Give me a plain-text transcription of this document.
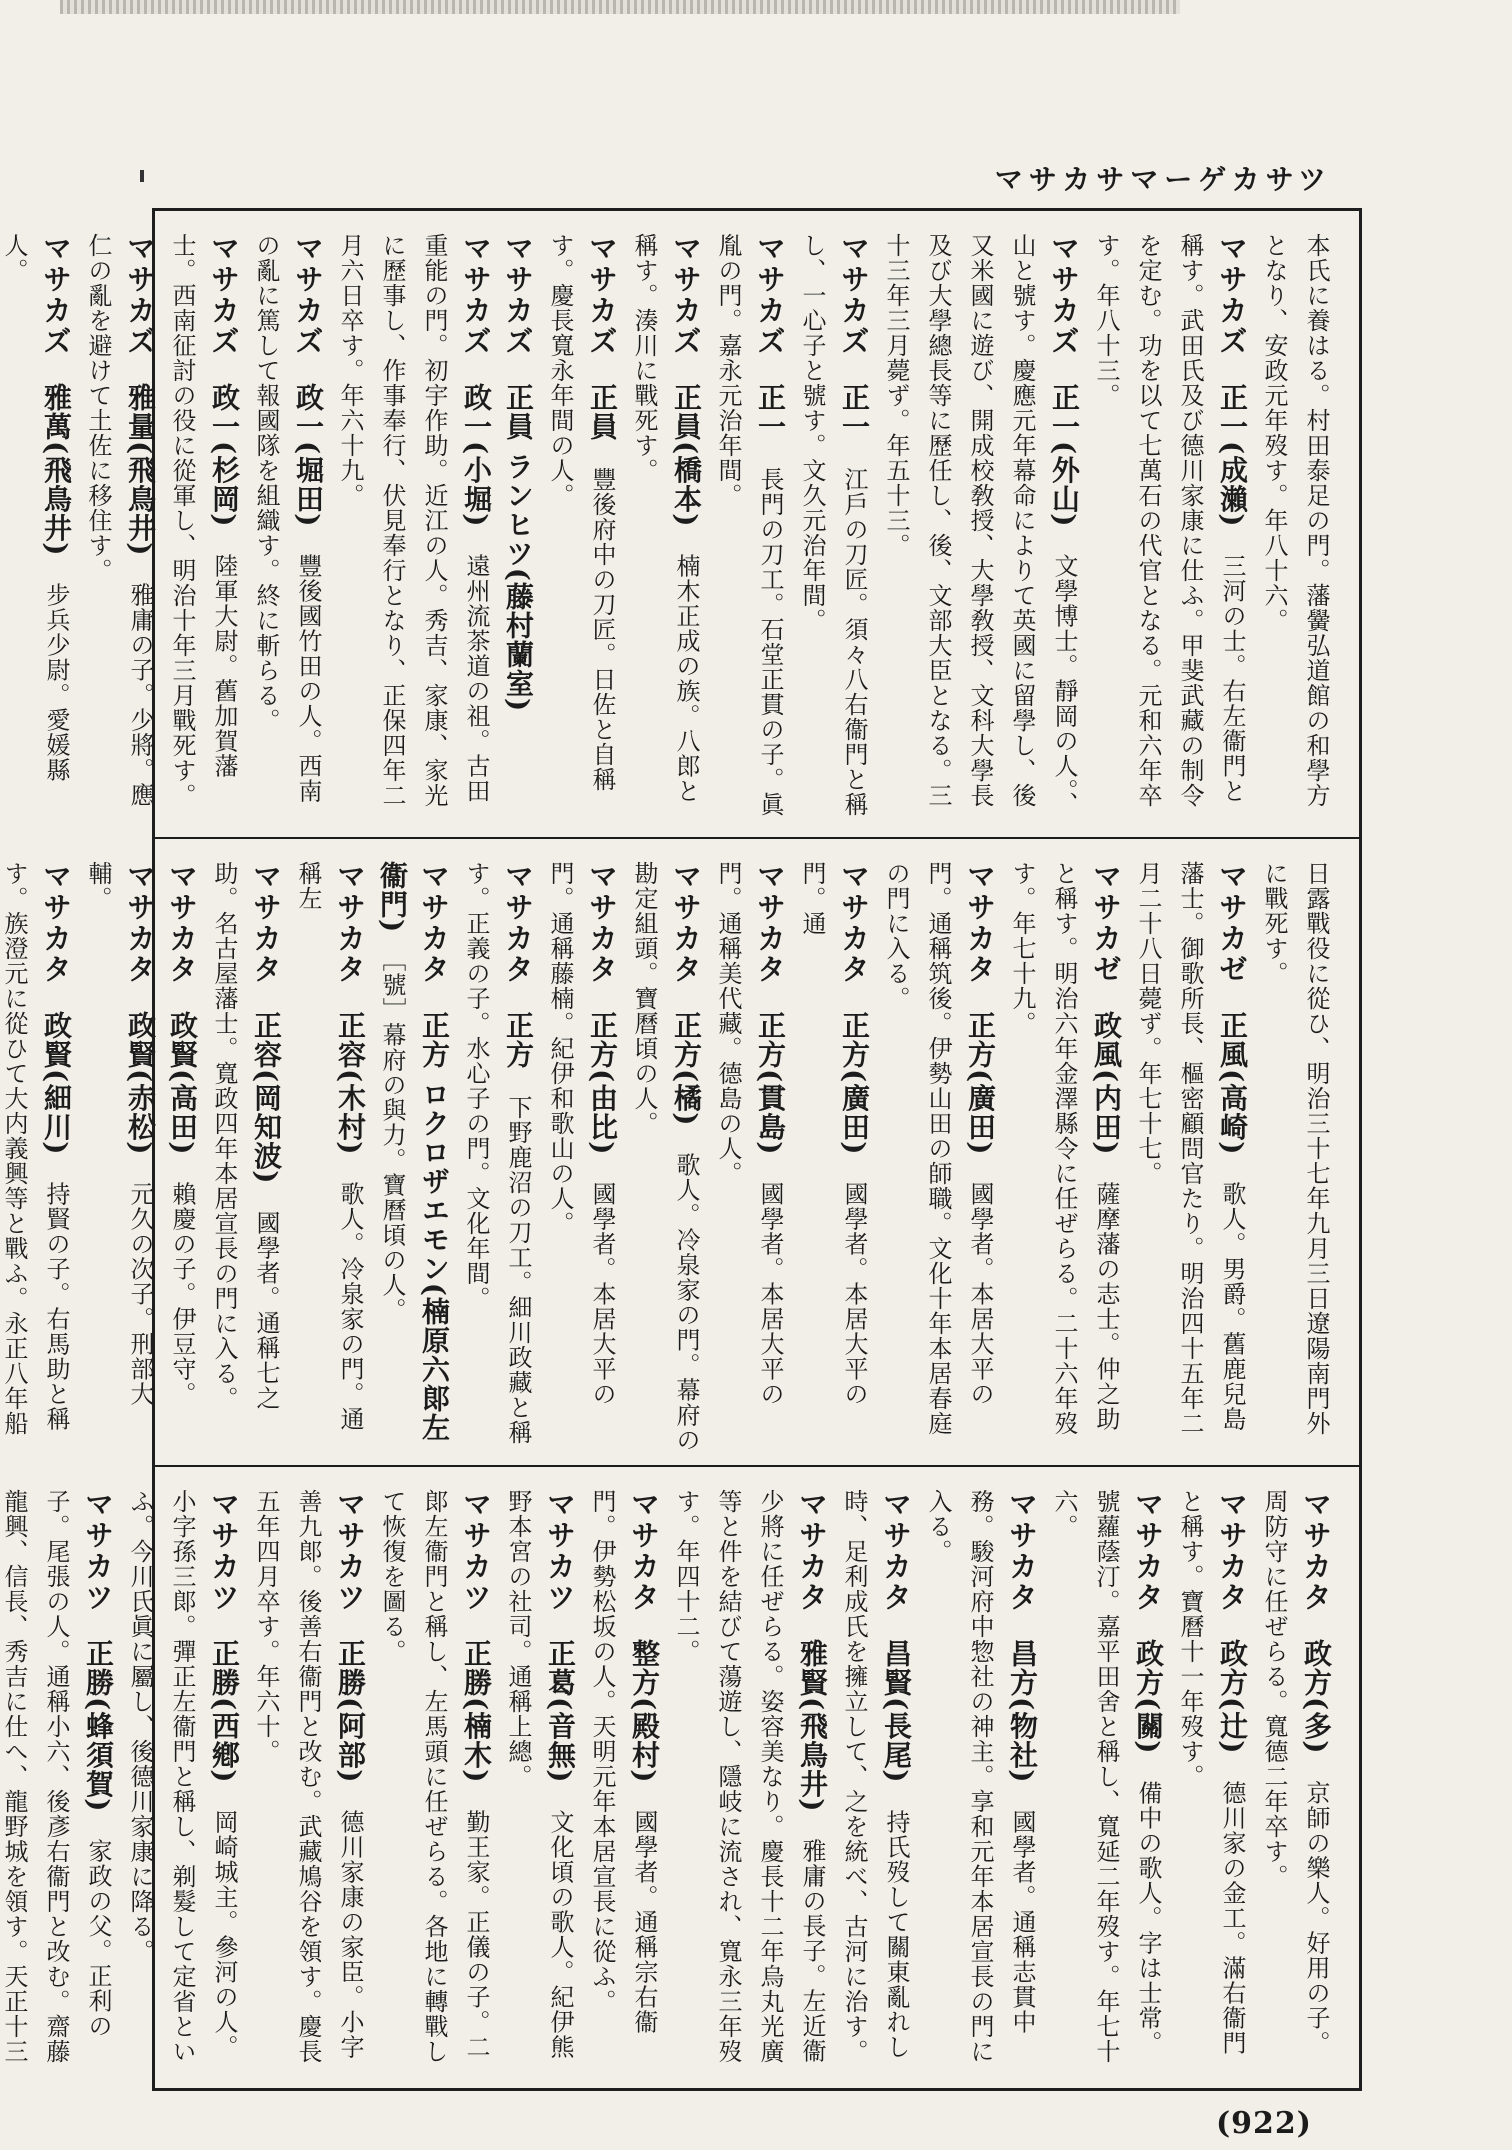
マサカサマーゲカサツ

本氏に養はる。村田泰足の門。藩黌弘道館の和學方となり、安政元年歿す。年八十六。

マサカズ　正一(成瀨)　三河の士。右左衞門と稱す。武田氏及び德川家康に仕ふ。甲斐武藏の制令を定む。功を以て七萬石の代官となる。元和六年卒す。年八十三。

マサカズ　正一(外山)　文學博士。靜岡の人。、山と號す。慶應元年幕命によりて英國に留學し、後又米國に遊び、開成校敎授、大學敎授、文科大學長及び大學總長等に歷任し、後、文部大臣となる。三十三年三月薨ず。年五十三。

マサカズ　正一　江戶の刀匠。須々八右衞門と稱し、一心子と號す。文久元治年間。

マサカズ　正一　長門の刀工。石堂正貫の子。眞胤の門。嘉永元治年間。

マサカズ　正員(橋本)　楠木正成の族。八郎と稱す。湊川に戰死す。

マサカズ　正員　豐後府中の刀匠。日佐と自稱す。慶長寬永年間の人。

マサカズ　正員 ランヒツ(藤村蘭室)　

マサカズ　政一(小堀)　遠州流茶道の祖。古田重能の門。初宇作助。近江の人。秀吉、家康、家光に歷事し、作事奉行、伏見奉行となり、正保四年二月六日卒す。年六十九。

マサカズ　政一(堀田)　豐後國竹田の人。西南の亂に篤して報國隊を組織す。終に斬らる。

マサカズ　政一(杉岡)　陸軍大尉。舊加賀藩士。西南征討の役に從軍し、明治十年三月戰死す。

マサカズ　雅量(飛鳥井)　雅庸の子。少將。應仁の亂を避けて土佐に移住す。

マサカズ　雅萬(飛鳥井)　步兵少尉。愛媛縣人。

日露戰役に從ひ、明治三十七年九月三日遼陽南門外に戰死す。

マサカゼ　正風(高崎)　歌人。男爵。舊鹿兒島藩士。御歌所長、樞密顧問官たり。明治四十五年二月二十八日薨ず。年七十七。

マサカゼ　政風(内田)　薩摩藩の志士。仲之助と稱す。明治六年金澤縣令に任ぜらる。二十六年歿す。年七十九。

マサカタ　正方(廣田)　國學者。本居大平の門。通稱筑後。伊勢山田の師職。文化十年本居春庭の門に入る。

マサカタ　正方(廣田)　國學者。本居大平の門。通

マサカタ　正方(貫島)　國學者。本居大平の門。通稱美代藏。德島の人。

マサカタ　正方(橘)　歌人。冷泉家の門。幕府の勘定組頭。寶曆頃の人。

マサカタ　正方(由比)　國學者。本居大平の門。通稱藤楠。紀伊和歌山の人。

マサカタ　正方　下野鹿沼の刀工。細川政藏と稱す。正義の子。水心子の門。文化年間。

マサカタ　正方 ロクロザエモン(楠原六郞左衞門)　［號］幕府の與力。寶曆頃の人。

マサカタ　正容(木村)　歌人。冷泉家の門。通稱左

マサカタ　正容(岡知波)　國學者。通稱七之助。名古屋藩士。寬政四年本居宣長の門に入る。

マサカタ　政賢(高田)　賴慶の子。伊豆守。

マサカタ　政賢(赤松)　元久の次子。刑部大輔。

マサカタ　政賢(細川)　持賢の子。右馬助と稱す。族澄元に從ひて大内義興等と戰ふ。永正八年船

マサカタ　政方(多)　京師の樂人。好用の子。周防守に任ぜらる。寬德二年卒す。

マサカタ　政方(辻)　德川家の金工。滿右衞門と稱す。寶曆十一年歿す。

マサカタ　政方(關)　備中の歌人。字は士常。號蘿蔭汀。嘉平田舍と稱し、寬延二年歿す。年七十六。

マサカタ　昌方(物社)　國學者。通稱志貫中務。駿河府中惣社の神主。享和元年本居宣長の門に入る。

マサカタ　昌賢(長尾)　持氏歿して關東亂れし時、足利成氏を擁立して、之を統べ、古河に治す。

マサカタ　雅賢(飛鳥井)　雅庸の長子。左近衞少將に任ぜらる。姿容美なり。慶長十二年烏丸光廣等と件を結びて蕩遊し、隱岐に流され、寬永三年歿す。年四十二。

マサカタ　整方(殿村)　國學者。通稱宗右衞門。伊勢松坂の人。天明元年本居宣長に從ふ。

マサカツ　正葛(音無)　文化頃の歌人。紀伊熊野本宮の社司。通稱上總。

マサカツ　正勝(楠木)　勤王家。正儀の子。二郞左衞門と稱し、左馬頭に任ぜらる。各地に轉戰して恢復を圖る。

マサカツ　正勝(阿部)　德川家康の家臣。小字善九郞。後善右衞門と改む。武藏鳩谷を領す。慶長五年四月卒す。年六十。

マサカツ　正勝(西鄕)　岡崎城主。參河の人。小字孫三郞。彈正左衞門と稱し、剃髮して定省といふ。今川氏眞に屬し、後德川家康に降る。

マサカツ　正勝(蜂須賀)　家政の父。正利の子。尾張の人。通稱小六、後彥右衞門と改む。齋藤龍興、信長、秀吉に仕へ、龍野城を領す。天正十三

(922)
